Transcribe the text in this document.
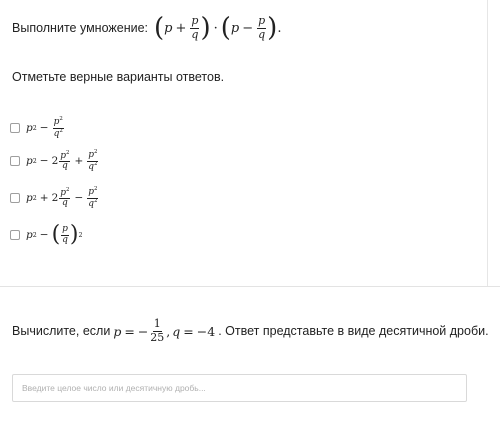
Выполните умножение: ( $p + \frac{p}{q}$ ) · ( $p - \frac{p}{q}$ ) .
Отметьте верные варианты ответов.
p $2 - \frac{p^2}{q^2}$
p $2 - 2 \frac{p^2}{q} + \frac{p^2}{q^2}$
p $2 + 2 \frac{p^2}{q} - \frac{p^2}{q^2}$
p 2 − ( $\frac{p}{q}$ ) 2
Вычислите, если p = − $\frac{1}{25}$ , q = −4 . Ответ представьте в виде десятичной дроби.
Введите целое число или десятичную дробь...
